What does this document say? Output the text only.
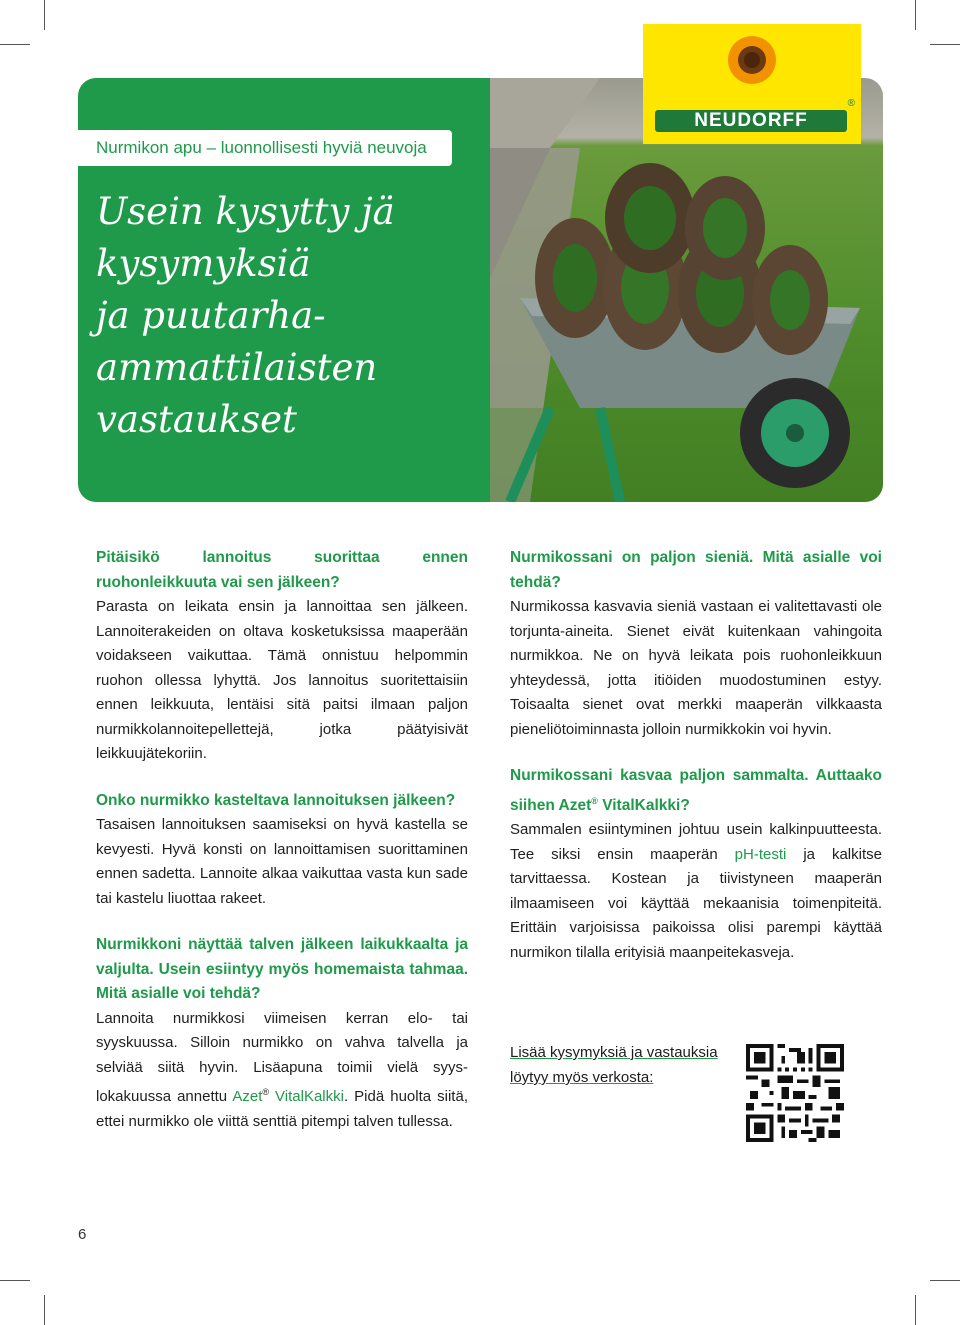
Nurmikon apu – luonnollisesti hyviä neuvoja
Usein kysytty jä
kysymyksiä
ja puutarha-
ammattilaisten
vastaukset
NEUDORFF
®

Pitäisikö lannoitus suorittaa ennen ruohonleikkuuta vai sen jälkeen?

Parasta on leikata ensin ja lannoittaa sen jälkeen. Lannoiterakeiden on oltava kosketuksissa maaperään voidakseen vaikuttaa. Tämä onnistuu helpommin ruohon ollessa lyhyttä. Jos lannoitus suoritettaisiin ennen leikkuuta, lentäisi sitä paitsi ilmaan paljon nurmikkolannoitepellettejä, jotka päätyisivät leikkuujätekoriin.

Onko nurmikko kasteltava lannoituksen jälkeen?

Tasaisen lannoituksen saamiseksi on hyvä kastella se kevyesti. Hyvä konsti on lannoittamisen suorittaminen ennen sadetta. Lannoite alkaa vaikuttaa vasta kun sade tai kastelu liuottaa rakeet.

Nurmikkoni näyttää talven jälkeen laikukkaalta ja valjulta. Usein esiintyy myös homemaista tahmaa. Mitä asialle voi tehdä?

Lannoita nurmikkosi viimeisen kerran elo- tai syyskuussa. Silloin nurmikko on vahva talvella ja selviää siitä hyvin. Lisäapuna toimii vielä syys-lokakuussa annettu Azet® VitalKalkki. Pidä huolta siitä, ettei nurmikko ole viittä senttiä pitempi talven tullessa.

Nurmikossani on paljon sieniä. Mitä asialle voi tehdä?

Nurmikossa kasvavia sieniä vastaan ei valitettavasti ole torjunta-aineita. Sienet eivät kuitenkaan vahingoita nurmikkoa. Ne on hyvä leikata pois ruohonleikkuun yhteydessä, jotta itiöiden muodostuminen estyy. Toisaalta sienet ovat merkki maaperän vilkkaasta pieneliötoiminnasta jolloin nurmikkokin voi hyvin.

Nurmikossani kasvaa paljon sammalta. Auttaako siihen Azet® VitalKalkki?

Sammalen esiintyminen johtuu usein kalkinpuutteesta. Tee siksi ensin maaperän pH-testi ja kalkitse tarvittaessa. Kostean ja tiivistyneen maaperän ilmaamiseen voi käyttää mekaanisia toimenpiteitä. Erittäin varjoisissa paikoissa olisi parempi käyttää nurmikon tilalla erityisiä maanpeitekasveja.

Lisää kysymyksiä ja vastauksia
löytyy myös verkosta:
6
